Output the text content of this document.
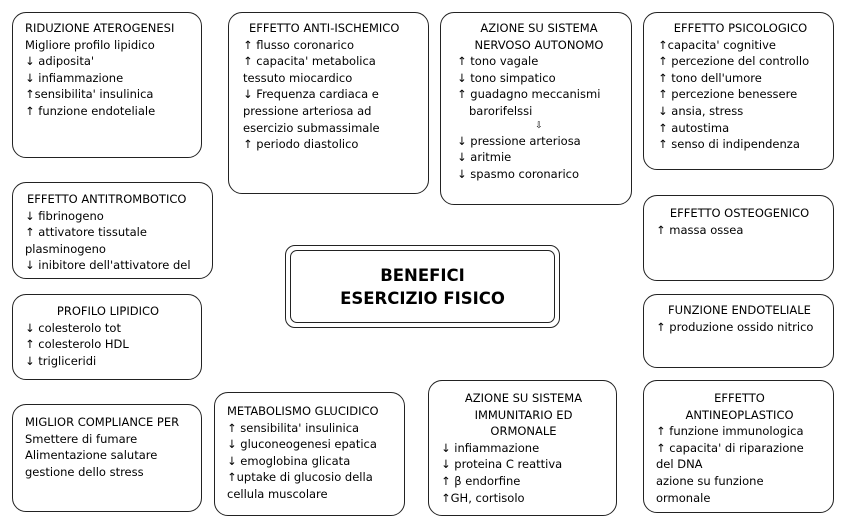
BENEFICI
ESERCIZIO FISICO
RIDUZIONE ATEROGENESI
Migliore profilo lipidico
↓ adiposita'
↓ infiammazione
↑sensibilita' insulinica
↑ funzione endoteliale
EFFETTO ANTI-ISCHEMICO
↑ flusso coronarico
↑ capacita' metabolica
tessuto miocardico
↓ Frequenza cardiaca e
pressione arteriosa ad
esercizio submassimale
↑ periodo diastolico
AZIONE SU SISTEMA
NERVOSO AUTONOMO
↑ tono vagale
↓ tono simpatico
↑ guadagno meccanismi
barorifelssi
⇩
↓ pressione arteriosa
↓ aritmie
↓ spasmo coronarico
EFFETTO PSICOLOGICO
↑capacita' cognitive
↑ percezione del controllo
↑ tono dell'umore
↑ percezione benessere
↓ ansia, stress
↑ autostima
↑ senso di indipendenza
EFFETTO ANTITROMBOTICO
↓ fibrinogeno
↑ attivatore tissutale
plasminogeno
↓ inibitore dell'attivatore del
EFFETTO OSTEOGENICO
↑ massa ossea
PROFILO LIPIDICO
↓ colesterolo tot
↑ colesterolo HDL
↓ trigliceridi
FUNZIONE ENDOTELIALE
↑ produzione ossido nitrico
MIGLIOR COMPLIANCE PER
Smettere di fumare
Alimentazione salutare
gestione dello stress
METABOLISMO GLUCIDICO
↑ sensibilita' insulinica
↓ gluconeogenesi epatica
↓ emoglobina glicata
↑uptake di glucosio della
cellula muscolare
AZIONE SU SISTEMA
IMMUNITARIO ED
ORMONALE
↓ infiammazione
↓ proteina C reattiva
↑ β endorfine
↑GH, cortisolo
EFFETTO
ANTINEOPLASTICO
↑ funzione immunologica
↑ capacita' di riparazione
del DNA
azione su funzione
ormonale
